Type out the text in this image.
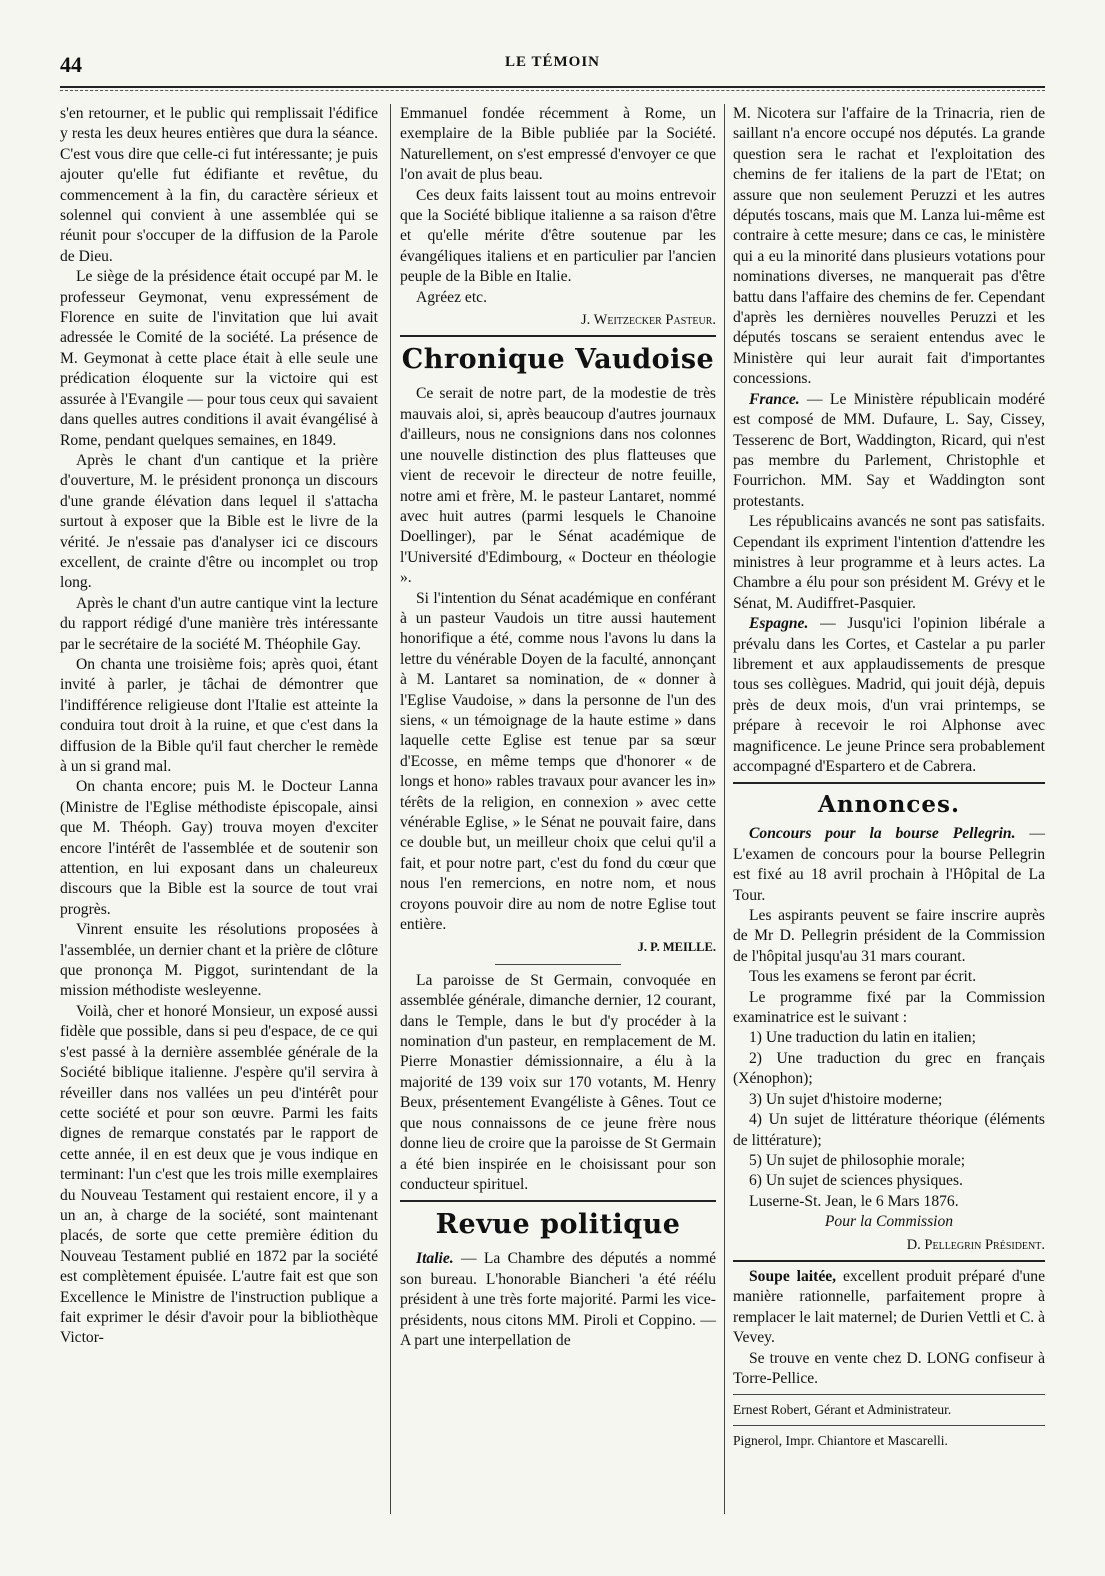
44	LE TÉMOIN

s'en retourner, et le public qui remplissait l'édifice y resta les deux heures entières que dura la séance. C'est vous dire que celle-ci fut intéressante; je puis ajouter qu'elle fut édifiante et revêtue, du commencement à la fin, du caractère sérieux et solennel qui convient à une assemblée qui se réunit pour s'occuper de la diffusion de la Parole de Dieu.

Le siège de la présidence était occupé par M. le professeur Geymonat, venu expressément de Florence en suite de l'invitation que lui avait adressée le Comité de la société. La présence de M. Geymonat à cette place était à elle seule une prédication éloquente sur la victoire qui est assurée à l'Evangile — pour tous ceux qui savaient dans quelles autres conditions il avait évangélisé à Rome, pendant quelques semaines, en 1849.

Après le chant d'un cantique et la prière d'ouverture, M. le président prononça un discours d'une grande élévation dans lequel il s'attacha surtout à exposer que la Bible est le livre de la vérité. Je n'essaie pas d'analyser ici ce discours excellent, de crainte d'être ou incomplet ou trop long.

Après le chant d'un autre cantique vint la lecture du rapport rédigé d'une manière très intéressante par le secrétaire de la société M. Théophile Gay.

On chanta une troisième fois; après quoi, étant invité à parler, je tâchai de démontrer que l'indifférence religieuse dont l'Italie est atteinte la conduira tout droit à la ruine, et que c'est dans la diffusion de la Bible qu'il faut chercher le remède à un si grand mal.

On chanta encore; puis M. le Docteur Lanna (Ministre de l'Eglise méthodiste épiscopale, ainsi que M. Théoph. Gay) trouva moyen d'exciter encore l'intérêt de l'assemblée et de soutenir son attention, en lui exposant dans un chaleureux discours que la Bible est la source de tout vrai progrès.

Vinrent ensuite les résolutions proposées à l'assemblée, un dernier chant et la prière de clôture que prononça M. Piggot, surintendant de la mission méthodiste wesleyenne.

Voilà, cher et honoré Monsieur, un exposé aussi fidèle que possible, dans si peu d'espace, de ce qui s'est passé à la dernière assemblée générale de la Société biblique italienne. J'espère qu'il servira à réveiller dans nos vallées un peu d'intérêt pour cette société et pour son œuvre. Parmi les faits dignes de remarque constatés par le rapport de cette année, il en est deux que je vous indique en terminant: l'un c'est que les trois mille exemplaires du Nouveau Testament qui restaient encore, il y a un an, à charge de la société, sont maintenant placés, de sorte que cette première édition du Nouveau Testament publié en 1872 par la société est complètement épuisée. L'autre fait est que son Excellence le Ministre de l'instruction publique a fait exprimer le désir d'avoir pour la bibliothèque Victor-

Emmanuel fondée récemment à Rome, un exemplaire de la Bible publiée par la Société. Naturellement, on s'est empressé d'envoyer ce que l'on avait de plus beau.

Ces deux faits laissent tout au moins entrevoir que la Société biblique italienne a sa raison d'être et qu'elle mérite d'être soutenue par les évangéliques italiens et en particulier par l'ancien peuple de la Bible en Italie.

Agréez etc.

J. Weitzecker Pasteur.
Chronique Vaudoise

Ce serait de notre part, de la modestie de très mauvais aloi, si, après beaucoup d'autres journaux d'ailleurs, nous ne consignions dans nos colonnes une nouvelle distinction des plus flatteuses que vient de recevoir le directeur de notre feuille, notre ami et frère, M. le pasteur Lantaret, nommé avec huit autres (parmi lesquels le Chanoine Doellinger), par le Sénat académique de l'Université d'Edimbourg, « Docteur en théologie ».

Si l'intention du Sénat académique en conférant à un pasteur Vaudois un titre aussi hautement honorifique a été, comme nous l'avons lu dans la lettre du vénérable Doyen de la faculté, annonçant à M. Lantaret sa nomination, de « donner à l'Eglise Vaudoise, » dans la personne de l'un des siens, « un témoignage de la haute estime » dans laquelle cette Eglise est tenue par sa sœur d'Ecosse, en même temps que d'honorer « de longs et hono» rables travaux pour avancer les in» térêts de la religion, en connexion » avec cette vénérable Eglise, » le Sénat ne pouvait faire, dans ce double but, un meilleur choix que celui qu'il a fait, et pour notre part, c'est du fond du cœur que nous l'en remercions, en notre nom, et nous croyons pouvoir dire au nom de notre Eglise tout entière.

J. P. MEILLE.

La paroisse de St Germain, convoquée en assemblée générale, dimanche dernier, 12 courant, dans le Temple, dans le but d'y procéder à la nomination d'un pasteur, en remplacement de M. Pierre Monastier démissionnaire, a élu à la majorité de 139 voix sur 170 votants, M. Henry Beux, présentement Evangéliste à Gênes. Tout ce que nous connaissons de ce jeune frère nous donne lieu de croire que la paroisse de St Germain a été bien inspirée en le choisissant pour son conducteur spirituel.

Revue politique

Italie. — La Chambre des députés a nommé son bureau. L'honorable Biancheri 'a été réélu président à une très forte majorité. Parmi les vice-présidents, nous citons MM. Piroli et Coppino. — A part une interpellation de

M. Nicotera sur l'affaire de la Trinacria, rien de saillant n'a encore occupé nos députés. La grande question sera le rachat et l'exploitation des chemins de fer italiens de la part de l'Etat; on assure que non seulement Peruzzi et les autres députés toscans, mais que M. Lanza lui-même est contraire à cette mesure; dans ce cas, le ministère qui a eu la minorité dans plusieurs votations pour nominations diverses, ne manquerait pas d'être battu dans l'affaire des chemins de fer. Cependant d'après les dernières nouvelles Peruzzi et les députés toscans se seraient entendus avec le Ministère qui leur aurait fait d'importantes concessions.

France. — Le Ministère républicain modéré est composé de MM. Dufaure, L. Say, Cissey, Tesserenc de Bort, Waddington, Ricard, qui n'est pas membre du Parlement, Christophle et Fourrichon. MM. Say et Waddington sont protestants.

Les républicains avancés ne sont pas satisfaits. Cependant ils expriment l'intention d'attendre les ministres à leur programme et à leurs actes. La Chambre a élu pour son président M. Grévy et le Sénat, M. Audiffret-Pasquier.

Espagne. — Jusqu'ici l'opinion libérale a prévalu dans les Cortes, et Castelar a pu parler librement et aux applaudissements de presque tous ses collègues. Madrid, qui jouit déjà, depuis près de deux mois, d'un vrai printemps, se prépare à recevoir le roi Alphonse avec magnificence. Le jeune Prince sera probablement accompagné d'Espartero et de Cabrera.

Annonces.

Concours pour la bourse Pellegrin. — L'examen de concours pour la bourse Pellegrin est fixé au 18 avril prochain à l'Hôpital de La Tour.

Les aspirants peuvent se faire inscrire auprès de Mr D. Pellegrin président de la Commission de l'hôpital jusqu'au 31 mars courant.

Tous les examens se feront par écrit.

Le programme fixé par la Commission examinatrice est le suivant :

1) Une traduction du latin en italien;

2) Une traduction du grec en français (Xénophon);

3) Un sujet d'histoire moderne;

4) Un sujet de littérature théorique (éléments de littérature);

5) Un sujet de philosophie morale;

6) Un sujet de sciences physiques.

Luserne-St. Jean, le 6 Mars 1876.

Pour la Commission
D. Pellegrin Président.

Soupe laitée, excellent produit préparé d'une manière rationnelle, parfaitement propre à remplacer le lait maternel; de Durien Vettli et C. à Vevey.

Se trouve en vente chez D. LONG confiseur à Torre-Pellice.

Ernest Robert, Gérant et Administrateur.

Pignerol, Impr. Chiantore et Mascarelli.
